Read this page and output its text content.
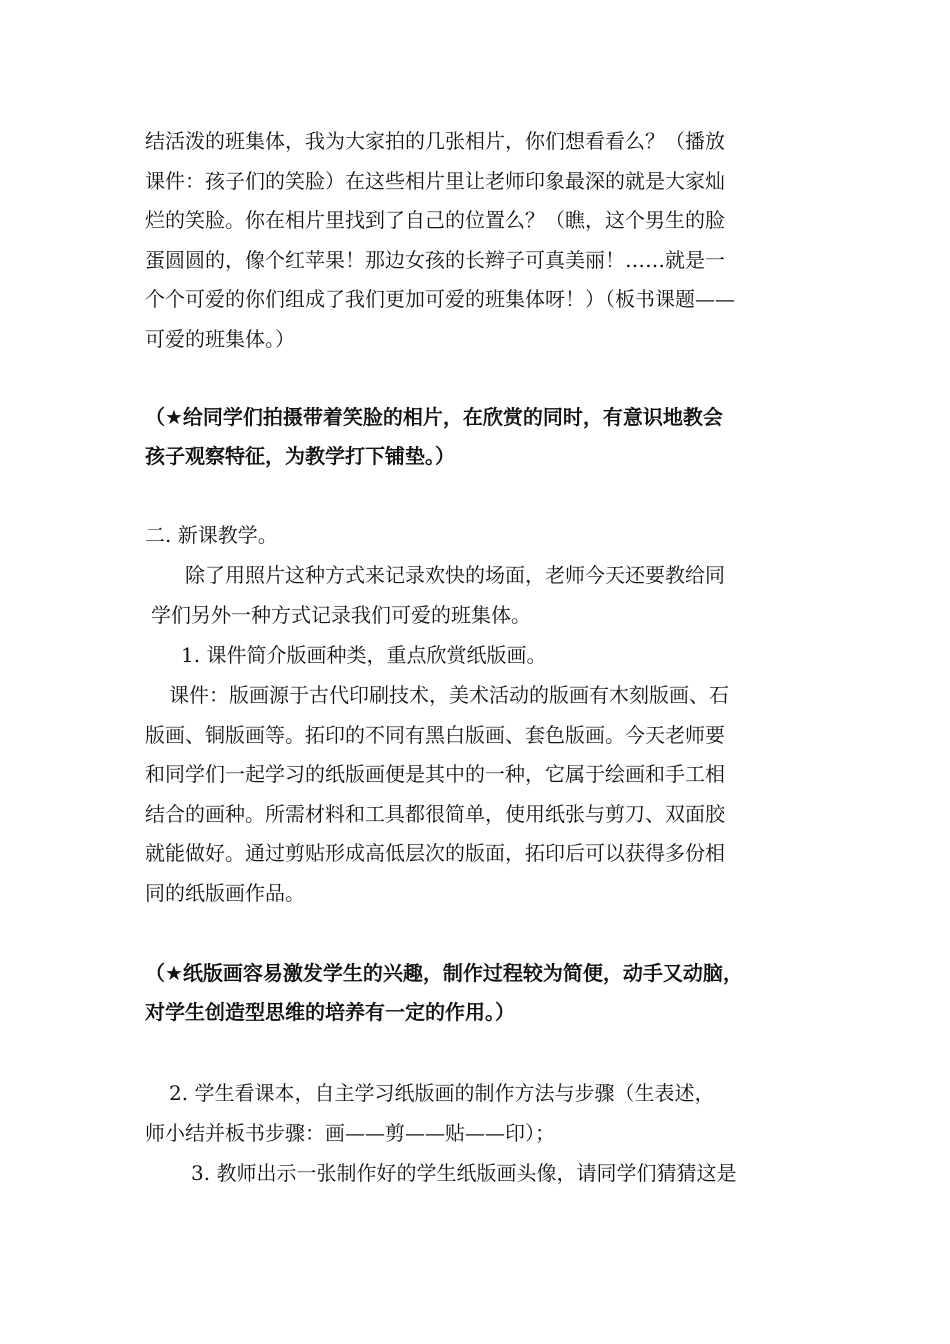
结活泼的班集体，我为大家拍的几张相片，你们想看看么？（播放
课件：孩子们的笑脸）在这些相片里让老师印象最深的就是大家灿
烂的笑脸。你在相片里找到了自己的位置么？（瞧，这个男生的脸
蛋圆圆的，像个红苹果！那边女孩的长辫子可真美丽！……就是一
个个可爱的你们组成了我们更加可爱的班集体呀！）（板书课题——
可爱的班集体。）

（★给同学们拍摄带着笑脸的相片，在欣赏的同时，有意识地教会
孩子观察特征，为教学打下铺垫。）

二. 新课教学。

除了用照片这种方式来记录欢快的场面，老师今天还要教给同
学们另外一种方式记录我们可爱的班集体。

1. 课件简介版画种类，重点欣赏纸版画。

课件：版画源于古代印刷技术，美术活动的版画有木刻版画、石
版画、铜版画等。拓印的不同有黑白版画、套色版画。今天老师要
和同学们一起学习的纸版画便是其中的一种，它属于绘画和手工相
结合的画种。所需材料和工具都很简单，使用纸张与剪刀、双面胶
就能做好。通过剪贴形成高低层次的版面，拓印后可以获得多份相
同的纸版画作品。

（★纸版画容易激发学生的兴趣，制作过程较为简便，动手又动脑，
对学生创造型思维的培养有一定的作用。）

2. 学生看课本，自主学习纸版画的制作方法与步骤（生表述，
师小结并板书步骤：画——剪——贴——印）；

3. 教师出示一张制作好的学生纸版画头像，请同学们猜猜这是
